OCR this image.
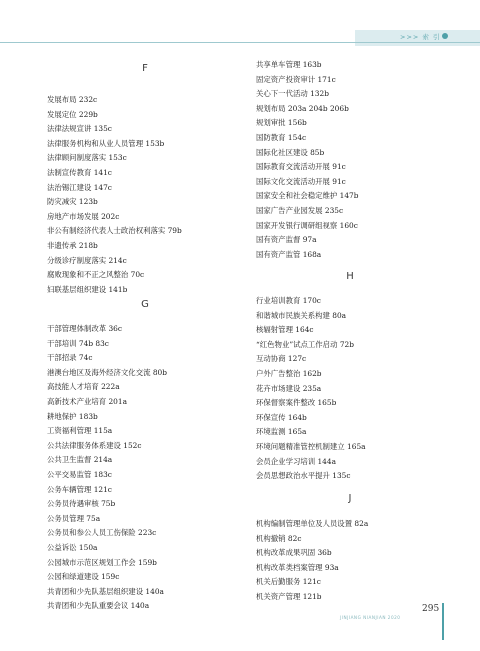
>>> 索 引
F
发展布局 232c
发展定位 229b
法律法规宣讲 135c
法律服务机构和从业人员管理 153b
法律顾问制度落实 153c
法制宣传教育 141c
法治锡江建设 147c
防灾减灾 123b
房地产市场发展 202c
非公有制经济代表人士政治权利落实 79b
非遗传承 218b
分级诊疗制度落实 214c
腐败现象和不正之风整治 70c
妇联基层组织建设 141b
G
干部管理体制改革 36c
干部培训 74b 83c
干部招录 74c
港澳台地区及海外经济文化交流 80b
高技能人才培育 222a
高新技术产业培育 201a
耕地保护 183b
工资福利管理 115a
公共法律服务体系建设 152c
公共卫生监督 214a
公平交易监管 183c
公务车辆管理 121c
公务员待遇审核 75b
公务员管理 75a
公务员和参公人员工伤保险 223c
公益诉讼 150a
公园城市示范区规划工作会 159b
公园和绿道建设 159c
共青团和少先队基层组织建设 140a
共青团和少先队重要会议 140a
共享单车管理 163b
固定资产投资审计 171c
关心下一代活动 132b
规划布局 203a 204b 206b
规划审批 156b
国防教育 154c
国际化社区建设 85b
国际教育交流活动开展 91c
国际文化交流活动开展 91c
国家安全和社会稳定维护 147b
国家广告产业园发展 235c
国家开发银行调研组视察 160c
国有资产监督 97a
国有资产监管 168a
H
行业培训教育 170c
和谐城市民族关系构建 80a
核辐射管理 164c
“红色物业”试点工作启动 72b
互动协商 127c
户外广告整治 162b
花卉市场建设 235a
环保督察案件整改 165b
环保宣传 164b
环境监测 165a
环境问题精准管控机制建立 165a
会员企业学习培训 144a
会员思想政治水平提升 135c
J
机构编制管理单位及人员设置 82a
机构撤销 82c
机构改革成果巩固 36b
机构改革类档案管理 93a
机关后勤服务 121c
机关资产管理 121b
295
JINJIANG NIANJIAN 2020
